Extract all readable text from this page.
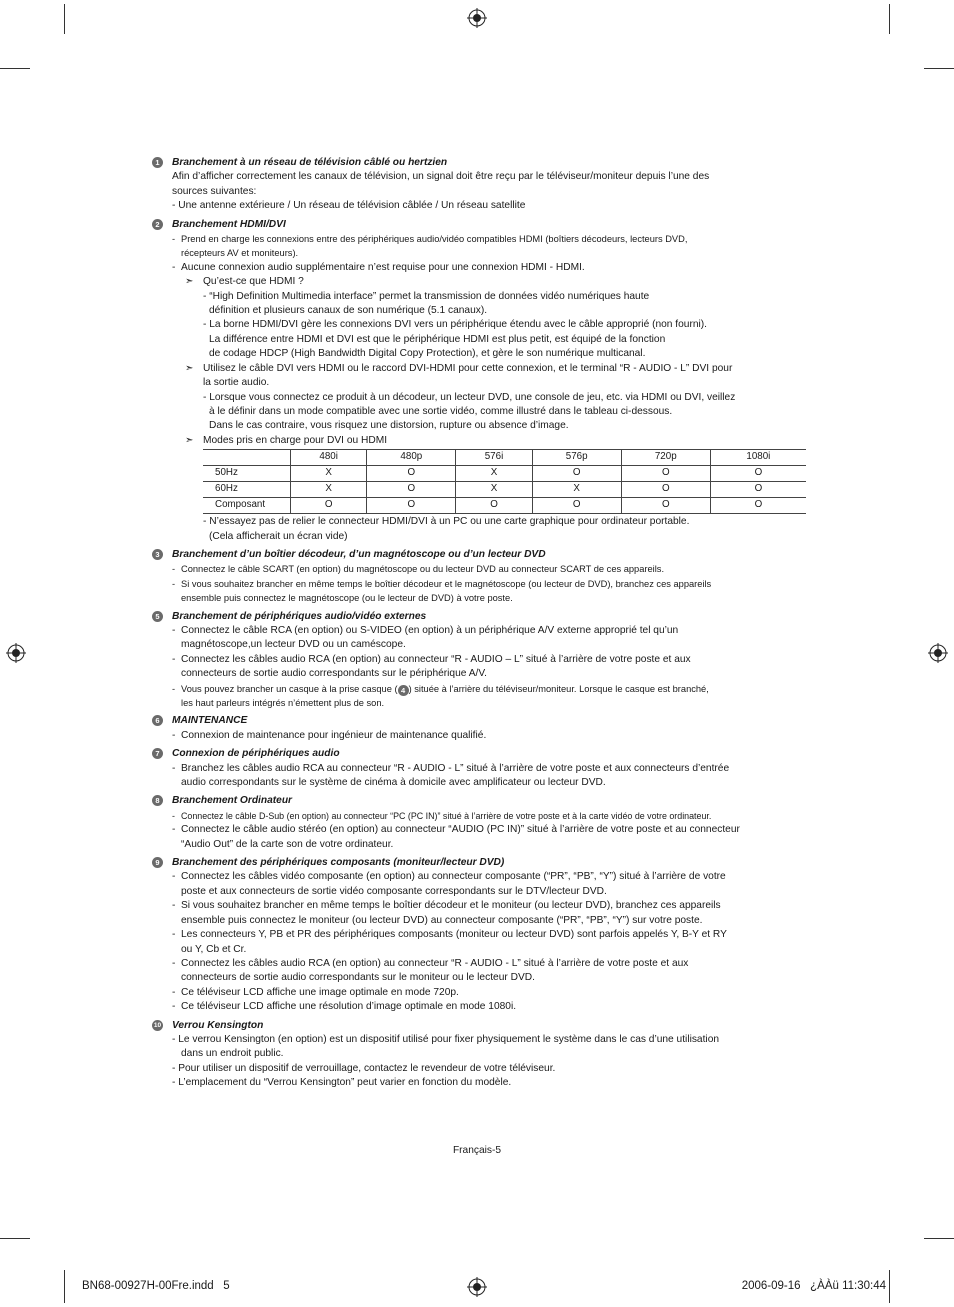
1	Branchement à un réseau de télévision câblé ou hertzien
Afin d’afficher correctement les canaux de télévision, un signal doit être reçu par le téléviseur/moniteur depuis l’une des
sources suivantes:
- Une antenne extérieure / Un réseau de télévision câblée / Un réseau satellite
2	Branchement HDMI/DVI
- Prend en charge les connexions entre des périphériques audio/vidéo compatibles HDMI (boîtiers décodeurs, lecteurs DVD,
récepteurs AV et moniteurs).
- Aucune connexion audio supplémentaire n’est requise pour une connexion HDMI - HDMI.
➣ Qu’est-ce que HDMI ?
- “High Definition Multimedia interface” permet la transmission de données vidéo numériques haute
définition et plusieurs canaux de son numérique (5.1 canaux).
- La borne HDMI/DVI gère les connexions DVI vers un périphérique étendu avec le câble approprié (non fourni).
La différence entre HDMI et DVI est que le périphérique HDMI est plus petit, est équipé de la fonction
de codage HDCP (High Bandwidth Digital Copy Protection), et gère le son numérique multicanal.
➣ Utilisez le câble DVI vers HDMI ou le raccord DVI-HDMI pour cette connexion, et le terminal “R - AUDIO - L” DVI pour
la sortie audio.
- Lorsque vous connectez ce produit à un décodeur, un lecteur DVD, une console de jeu, etc. via HDMI ou DVI, veillez
à le définir dans un mode compatible avec une sortie vidéo, comme illustré dans le tableau ci-dessous.
Dans le cas contraire, vous risquez une distorsion, rupture ou absence d’image.
➣ Modes pris en charge pour DVI ou HDMI
	480i	480p	576i	576p	720p	1080i
50Hz	X	O	X	O	O	O
60Hz	X	O	X	X	O	O
Composant	O	O	O	O	O	O
- N’essayez pas de relier le connecteur HDMI/DVI à un PC ou une carte graphique pour ordinateur portable.
(Cela afficherait un écran vide)
3	Branchement d’un boîtier décodeur, d’un magnétoscope ou d’un lecteur DVD
- Connectez le câble SCART (en option) du magnétoscope ou du lecteur DVD au connecteur SCART de ces appareils.
- Si vous souhaitez brancher en même temps le boîtier décodeur et le magnétoscope (ou lecteur de DVD), branchez ces appareils
ensemble puis connectez le magnétoscope (ou le lecteur de DVD) à votre poste.
5	Branchement de périphériques audio/vidéo externes
- Connectez le câble RCA (en option) ou S-VIDEO (en option) à un périphérique A/V externe approprié tel qu’un
magnétoscope,un lecteur DVD ou un caméscope.
- Connectez les câbles audio RCA (en option) au connecteur “R - AUDIO – L” situé à l’arrière de votre poste et aux
connecteurs de sortie audio correspondants sur le périphérique A/V.
- Vous pouvez brancher un casque à la prise casque ( 4 ) située à l’arrière du téléviseur/moniteur. Lorsque le casque est branché,
les haut parleurs intégrés n’émettent plus de son.
6	MAINTENANCE
- Connexion de maintenance pour ingénieur de maintenance qualifié.
7	Connexion de périphériques audio
- Branchez les câbles audio RCA au connecteur “R - AUDIO - L” situé à l’arrière de votre poste et aux connecteurs d’entrée
audio correspondants sur le système de cinéma à domicile avec amplificateur ou lecteur DVD.
8	Branchement Ordinateur
- Connectez le câble D-Sub (en option) au connecteur “PC (PC IN)” situé à l’arrière de votre poste et à la carte vidéo de votre ordinateur.
- Connectez le câble audio stéréo (en option) au connecteur “AUDIO (PC IN)” situé à l’arrière de votre poste et au connecteur
“Audio Out” de la carte son de votre ordinateur.
9	Branchement des périphériques composants (moniteur/lecteur DVD)
- Connectez les câbles vidéo composante (en option) au connecteur composante (“PR”, “PB”, “Y”) situé à l’arrière de votre
poste et aux connecteurs de sortie vidéo composante correspondants sur le DTV/lecteur DVD.
- Si vous souhaitez brancher en même temps le boîtier décodeur et le moniteur (ou lecteur DVD), branchez ces appareils
ensemble puis connectez le moniteur (ou lecteur DVD) au connecteur composante (“PR”, “PB”, “Y”) sur votre poste.
- Les connecteurs Y, PB et PR des périphériques composants (moniteur ou lecteur DVD) sont parfois appelés Y, B-Y et RY
ou Y, Cb et Cr.
- Connectez les câbles audio RCA (en option) au connecteur “R - AUDIO - L” situé à l’arrière de votre poste et aux
connecteurs de sortie audio correspondants sur le moniteur ou le lecteur DVD.
- Ce téléviseur LCD affiche une image optimale en mode 720p.
- Ce téléviseur LCD affiche une résolution d’image optimale en mode 1080i.
10 Verrou Kensington
- Le verrou Kensington (en option) est un dispositif utilisé pour fixer physiquement le système dans le cas d’une utilisation
dans un endroit public.
- Pour utiliser un dispositif de verrouillage, contactez le revendeur de votre téléviseur.
- L’emplacement du “Verrou Kensington” peut varier en fonction du modèle.
Français-5
BN68-00927H-00Fre.indd   5	2006-09-16   ¿ÀÀü 11:30:44
